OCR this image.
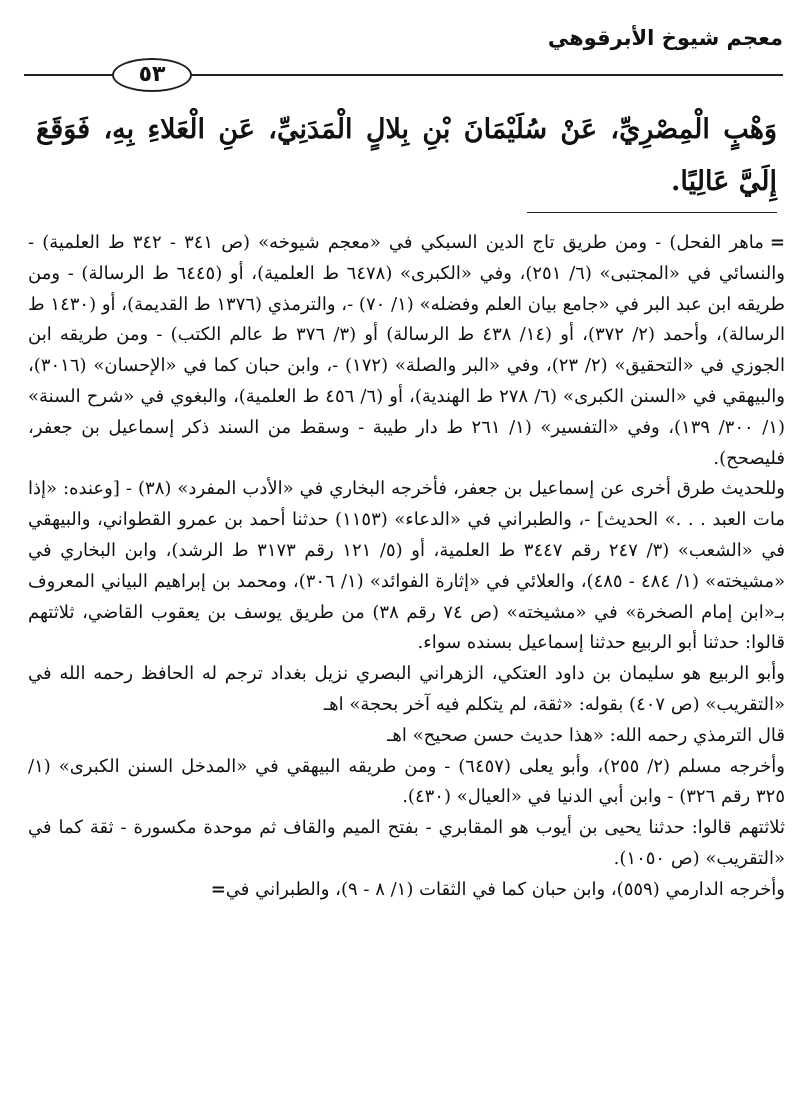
معجم شيوخ الأبرقوهي
٥٣

وَهْبٍ الْمِصْرِيِّ، عَنْ سُلَيْمَانَ بْنِ بِلالٍ الْمَدَنِيِّ، عَنِ الْعَلاءِ بِهِ، فَوَقَعَ إِلَيَّ عَالِيًا.

=ماهر الفحل) - ومن طريق تاج الدين السبكي في «معجم شيوخه» (ص ٣٤١ - ٣٤٢ ط العلمية) - والنسائي في «المجتبى» (٦/ ٢٥١)، وفي «الكبرى» (٦٤٧٨ ط العلمية)، أو (٦٤٤٥ ط الرسالة) - ومن طريقه ابن عبد البر في «جامع بيان العلم وفضله» (١/ ٧٠) -، والترمذي (١٣٧٦ ط القديمة)، أو (١٤٣٠ ط الرسالة)، وأحمد (٢/ ٣٧٢)، أو (١٤/ ٤٣٨ ط الرسالة) أو (٣/ ٣٧٦ ط عالم الكتب) - ومن طريقه ابن الجوزي في «التحقيق» (٢/ ٢٣)، وفي «البر والصلة» (١٧٢) -، وابن حبان كما في «الإحسان» (٣٠١٦)، والبيهقي في «السنن الكبرى» (٦/ ٢٧٨ ط الهندية)، أو (٦/ ٤٥٦ ط العلمية)، والبغوي في «شرح السنة» (١/ ٣٠٠/ ١٣٩)، وفي «التفسير» (١/ ٢٦١ ط دار طيبة - وسقط من السند ذكر إسماعيل بن جعفر، فليصحح).

وللحديث طرق أخرى عن إسماعيل بن جعفر، فأخرجه البخاري في «الأدب المفرد» (٣٨) - [وعنده: «إذا مات العبد . . .» الحديث] -، والطبراني في «الدعاء» (١١٥٣) حدثنا أحمد بن عمرو القطواني، والبيهقي في «الشعب» (٣/ ٢٤٧ رقم ٣٤٤٧ ط العلمية، أو (٥/ ١٢١ رقم ٣١٧٣ ط الرشد)، وابن البخاري في «مشيخته» (١/ ٤٨٤ - ٤٨٥)، والعلائي في «إثارة الفوائد» (١/ ٣٠٦)، ومحمد بن إبراهيم البياني المعروف بـ«ابن إمام الصخرة» في «مشيخته» (ص ٧٤ رقم ٣٨) من طريق يوسف بن يعقوب القاضي، ثلاثتهم قالوا: حدثنا أبو الربيع حدثنا إسماعيل بسنده سواء.

وأبو الربيع هو سليمان بن داود العتكي، الزهراني البصري نزيل بغداد ترجم له الحافظ رحمه الله في «التقريب» (ص ٤٠٧) بقوله: «ثقة، لم يتكلم فيه آخر بحجة» اهـ

قال الترمذي رحمه الله: «هذا حديث حسن صحيح» اهـ

وأخرجه مسلم (٢/ ٢٥٥)، وأبو يعلى (٦٤٥٧) - ومن طريقه البيهقي في «المدخل السنن الكبرى» (١/ ٣٢٥ رقم ٣٢٦) - وابن أبي الدنيا في «العيال» (٤٣٠).

ثلاثتهم قالوا: حدثنا يحيى بن أيوب هو المقابري - بفتح الميم والقاف ثم موحدة مكسورة - ثقة كما في «التقريب» (ص ١٠٥٠).

وأخرجه الدارمي (٥٥٩)، وابن حبان كما في الثقات (١/ ٨ - ٩)، والطبراني في=
